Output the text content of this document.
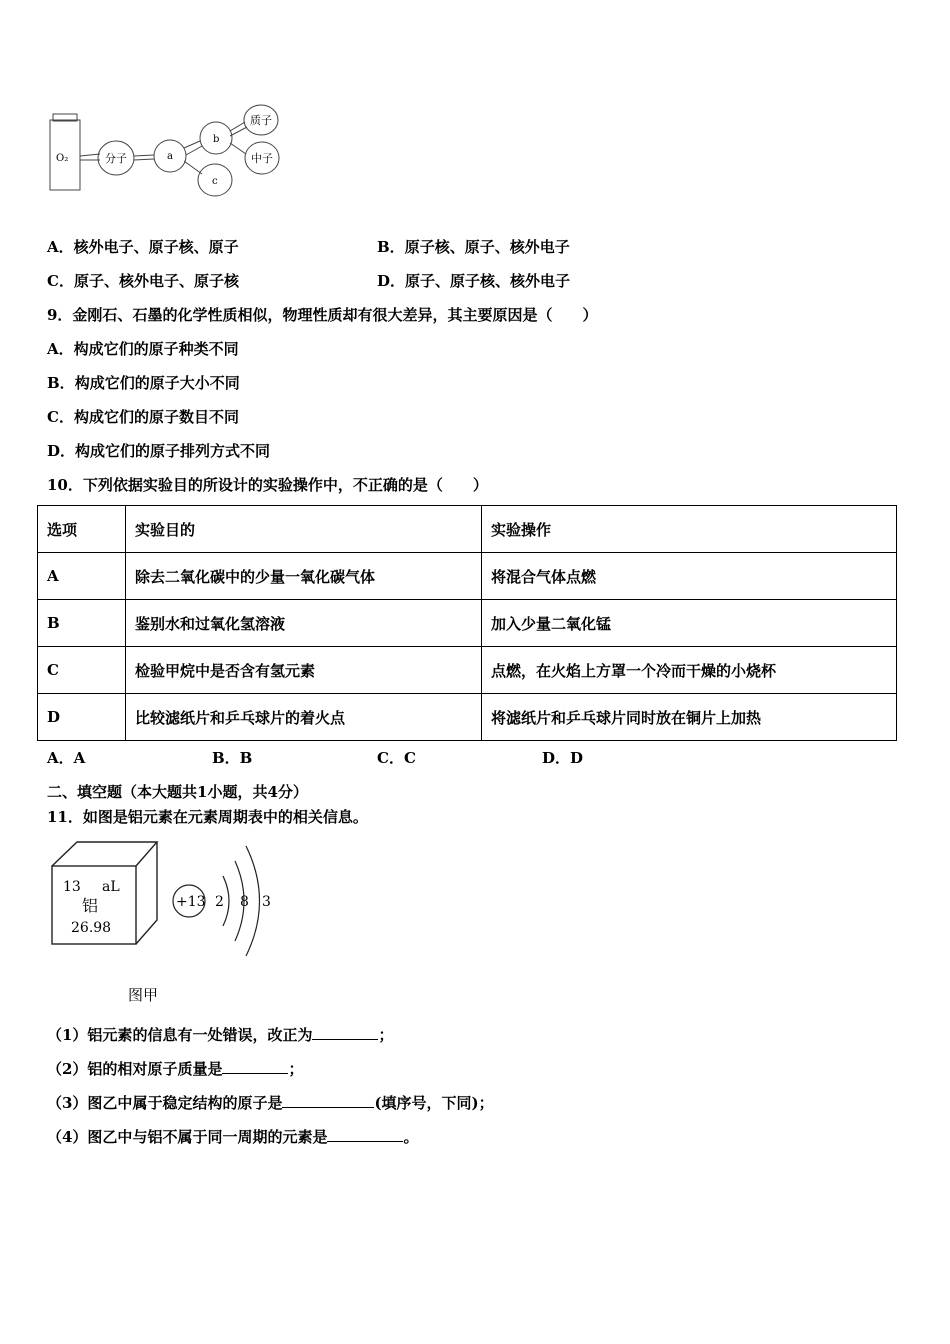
O₂	分子	a
b
c
质子
中子
A．核外电子、原子核、原子	B．原子核、原子、核外电子
C．原子、核外电子、原子核	D．原子、原子核、核外电子
9．金刚石、石墨的化学性质相似，物理性质却有很大差异，其主要原因是（　　）
A．构成它们的原子种类不同
B．构成它们的原子大小不同
C．构成它们的原子数目不同
D．构成它们的原子排列方式不同
10．下列依据实验目的所设计的实验操作中，不正确的是（　　）
选项	实验目的	实验操作
A	除去二氧化碳中的少量一氧化碳气体	将混合气体点燃
B	鉴别水和过氧化氢溶液	加入少量二氧化锰
C	检验甲烷中是否含有氢元素	点燃，在火焰上方罩一个冷而干燥的小烧杯
D	比较滤纸片和乒乓球片的着火点	将滤纸片和乒乓球片同时放在铜片上加热
A．A	B．B	C．C	D．D
二、填空题（本大题共1小题，共4分）
11．如图是铝元素在元素周期表中的相关信息。
13 aL
铝
26.98
+13 2 8 3
图甲
（1）铝元素的信息有一处错误，改正为	；
（2）铝的相对原子质量是	；
（3）图乙中属于稳定结构的原子是	(填序号，下同)；
（4）图乙中与铝不属于同一周期的元素是	。
